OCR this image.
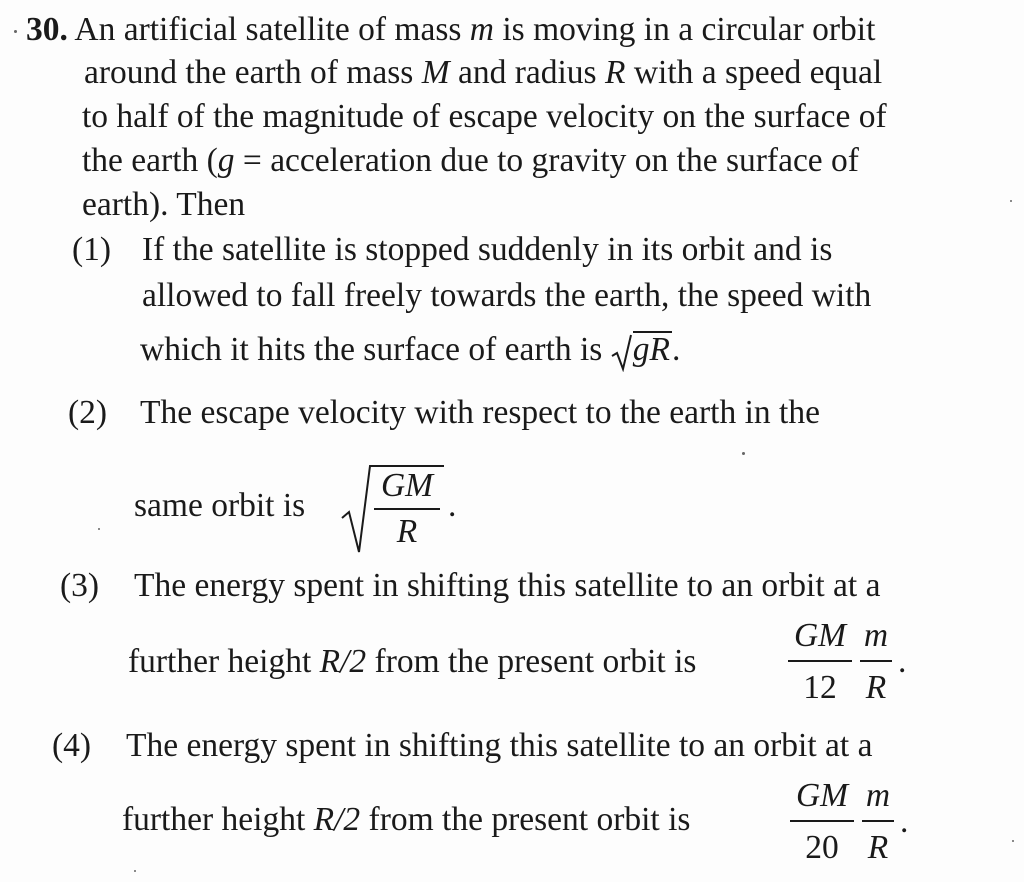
30. An artificial satellite of mass m is moving in a circular orbit
around the earth of mass M and radius R with a speed equal
to half of the magnitude of escape velocity on the surface of
the earth (g = acceleration due to gravity on the surface of
earth). Then
(1) If the satellite is stopped suddenly in its orbit and is
allowed to fall freely towards the earth, the speed with
which it hits the surface of earth is gR.
(2) The escape velocity with respect to the earth in the
same orbit is
GM
R
.
(3) The energy spent in shifting this satellite to an orbit at a
further height R/2 from the present orbit is
GM
12
m
R
.
(4) The energy spent in shifting this satellite to an orbit at a
further height R/2 from the present orbit is
GM
20
m
R
.
